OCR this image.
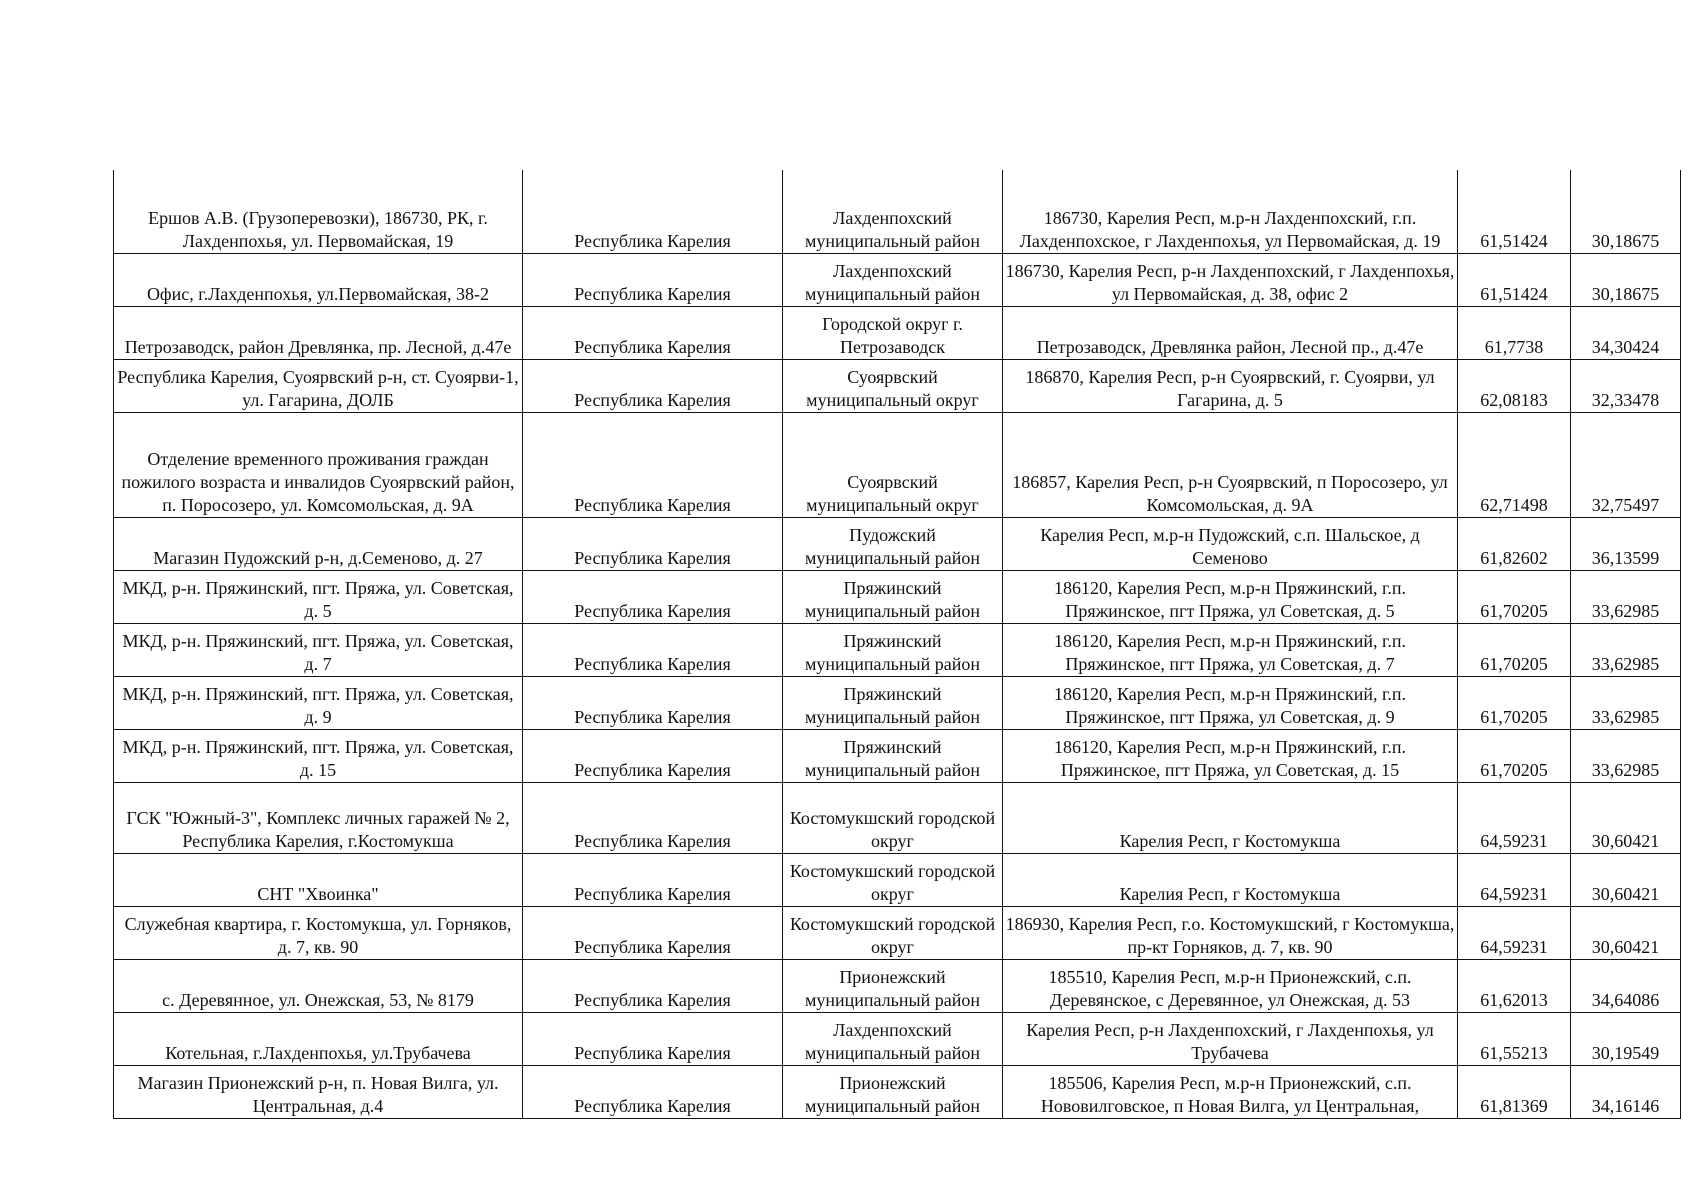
Ершов А.В. (Грузоперевозки), 186730, РК, г. Лахденпохья, ул. Первомайская, 19	Республика Карелия	Лахденпохский муниципальный район	186730, Карелия Респ, м.р-н Лахденпохский, г.п. Лахденпохское, г Лахденпохья, ул Первомайская, д. 19	61,51424	30,18675
Офис, г.Лахденпохья, ул.Первомайская, 38-2	Республика Карелия	Лахденпохский муниципальный район	186730, Карелия Респ, р-н Лахденпохский, г Лахденпохья, ул Первомайская, д. 38, офис 2	61,51424	30,18675
Петрозаводск, район Древлянка, пр. Лесной, д.47е	Республика Карелия	Городской округ г. Петрозаводск	Петрозаводск, Древлянка район, Лесной пр., д.47е	61,7738	34,30424
Республика Карелия, Суоярвский р-н, ст. Суоярви-1, ул. Гагарина, ДОЛБ	Республика Карелия	Суоярвский муниципальный округ	186870, Карелия Респ, р-н Суоярвский, г. Суоярви, ул Гагарина, д. 5	62,08183	32,33478
Отделение временного проживания граждан пожилого возраста и инвалидов Суоярвский район, п. Поросозеро, ул. Комсомольская, д. 9А	Республика Карелия	Суоярвский муниципальный округ	186857, Карелия Респ, р-н Суоярвский, п Поросозеро, ул Комсомольская, д. 9А	62,71498	32,75497
Магазин Пудожский р-н, д.Семеново, д. 27	Республика Карелия	Пудожский муниципальный район	Карелия Респ, м.р-н Пудожский, с.п. Шальское, д Семеново	61,82602	36,13599
МКД, р-н. Пряжинский, пгт. Пряжа, ул. Советская, д. 5	Республика Карелия	Пряжинский муниципальный район	186120, Карелия Респ, м.р-н Пряжинский, г.п. Пряжинское, пгт Пряжа, ул Советская, д. 5	61,70205	33,62985
МКД, р-н. Пряжинский, пгт. Пряжа, ул. Советская, д. 7	Республика Карелия	Пряжинский муниципальный район	186120, Карелия Респ, м.р-н Пряжинский, г.п. Пряжинское, пгт Пряжа, ул Советская, д. 7	61,70205	33,62985
МКД, р-н. Пряжинский, пгт. Пряжа, ул. Советская, д. 9	Республика Карелия	Пряжинский муниципальный район	186120, Карелия Респ, м.р-н Пряжинский, г.п. Пряжинское, пгт Пряжа, ул Советская, д. 9	61,70205	33,62985
МКД, р-н. Пряжинский, пгт. Пряжа, ул. Советская, д. 15	Республика Карелия	Пряжинский муниципальный район	186120, Карелия Респ, м.р-н Пряжинский, г.п. Пряжинское, пгт Пряжа, ул Советская, д. 15	61,70205	33,62985
ГСК "Южный-3", Комплекс личных гаражей № 2, Республика Карелия, г.Костомукша	Республика Карелия	Костомукшский городской округ	Карелия Респ, г Костомукша	64,59231	30,60421
СНТ "Хвоинка"	Республика Карелия	Костомукшский городской округ	Карелия Респ, г Костомукша	64,59231	30,60421
Служебная квартира, г. Костомукша, ул. Горняков, д. 7, кв. 90	Республика Карелия	Костомукшский городской округ	186930, Карелия Респ, г.о. Костомукшский, г Костомукша, пр-кт Горняков, д. 7, кв. 90	64,59231	30,60421
с. Деревянное, ул. Онежская, 53, № 8179	Республика Карелия	Прионежский муниципальный район	185510, Карелия Респ, м.р-н Прионежский, с.п. Деревянское, с Деревянное, ул Онежская, д. 53	61,62013	34,64086
Котельная, г.Лахденпохья, ул.Трубачева	Республика Карелия	Лахденпохский муниципальный район	Карелия Респ, р-н Лахденпохский, г Лахденпохья, ул Трубачева	61,55213	30,19549
Магазин Прионежский р-н, п. Новая Вилга, ул. Центральная, д.4	Республика Карелия	Прионежский муниципальный район	185506, Карелия Респ, м.р-н Прионежский, с.п. Нововилговское, п Новая Вилга, ул Центральная,	61,81369	34,16146
